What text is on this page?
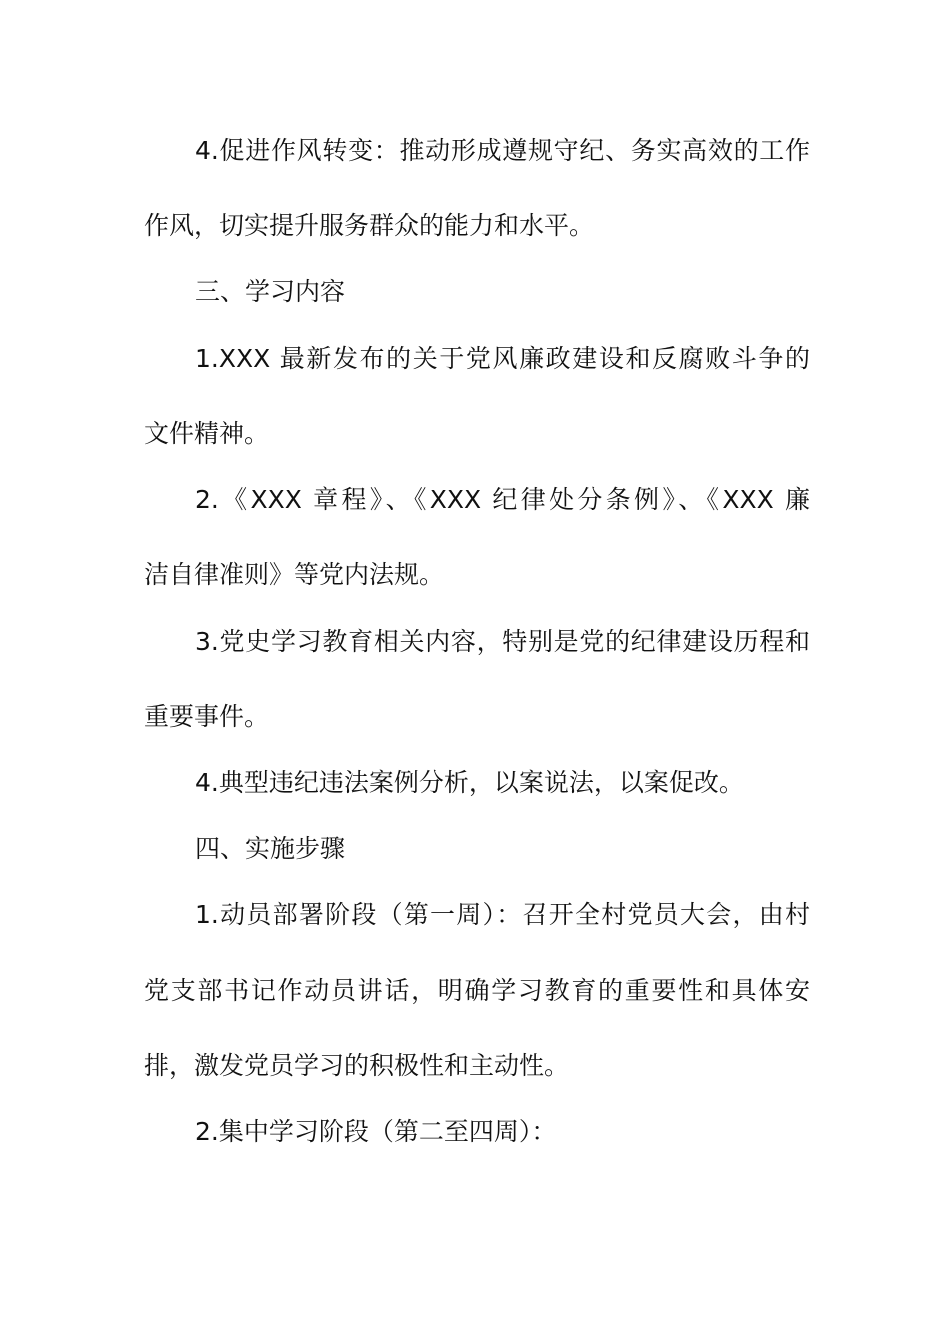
4.促进作风转变：推动形成遵规守纪、务实高效的工作
作风，切实提升服务群众的能力和水平。
三、学习内容
1.XXX 最新发布的关于党风廉政建设和反腐败斗争的
文件精神。
2.《XXX 章程》、《XXX 纪律处分条例》、《XXX 廉
洁自律准则》等党内法规。
3.党史学习教育相关内容，特别是党的纪律建设历程和
重要事件。
4.典型违纪违法案例分析，以案说法，以案促改。
四、实施步骤
1.动员部署阶段（第一周）：召开全村党员大会，由村
党支部书记作动员讲话，明确学习教育的重要性和具体安
排，激发党员学习的积极性和主动性。
2.集中学习阶段（第二至四周）：
